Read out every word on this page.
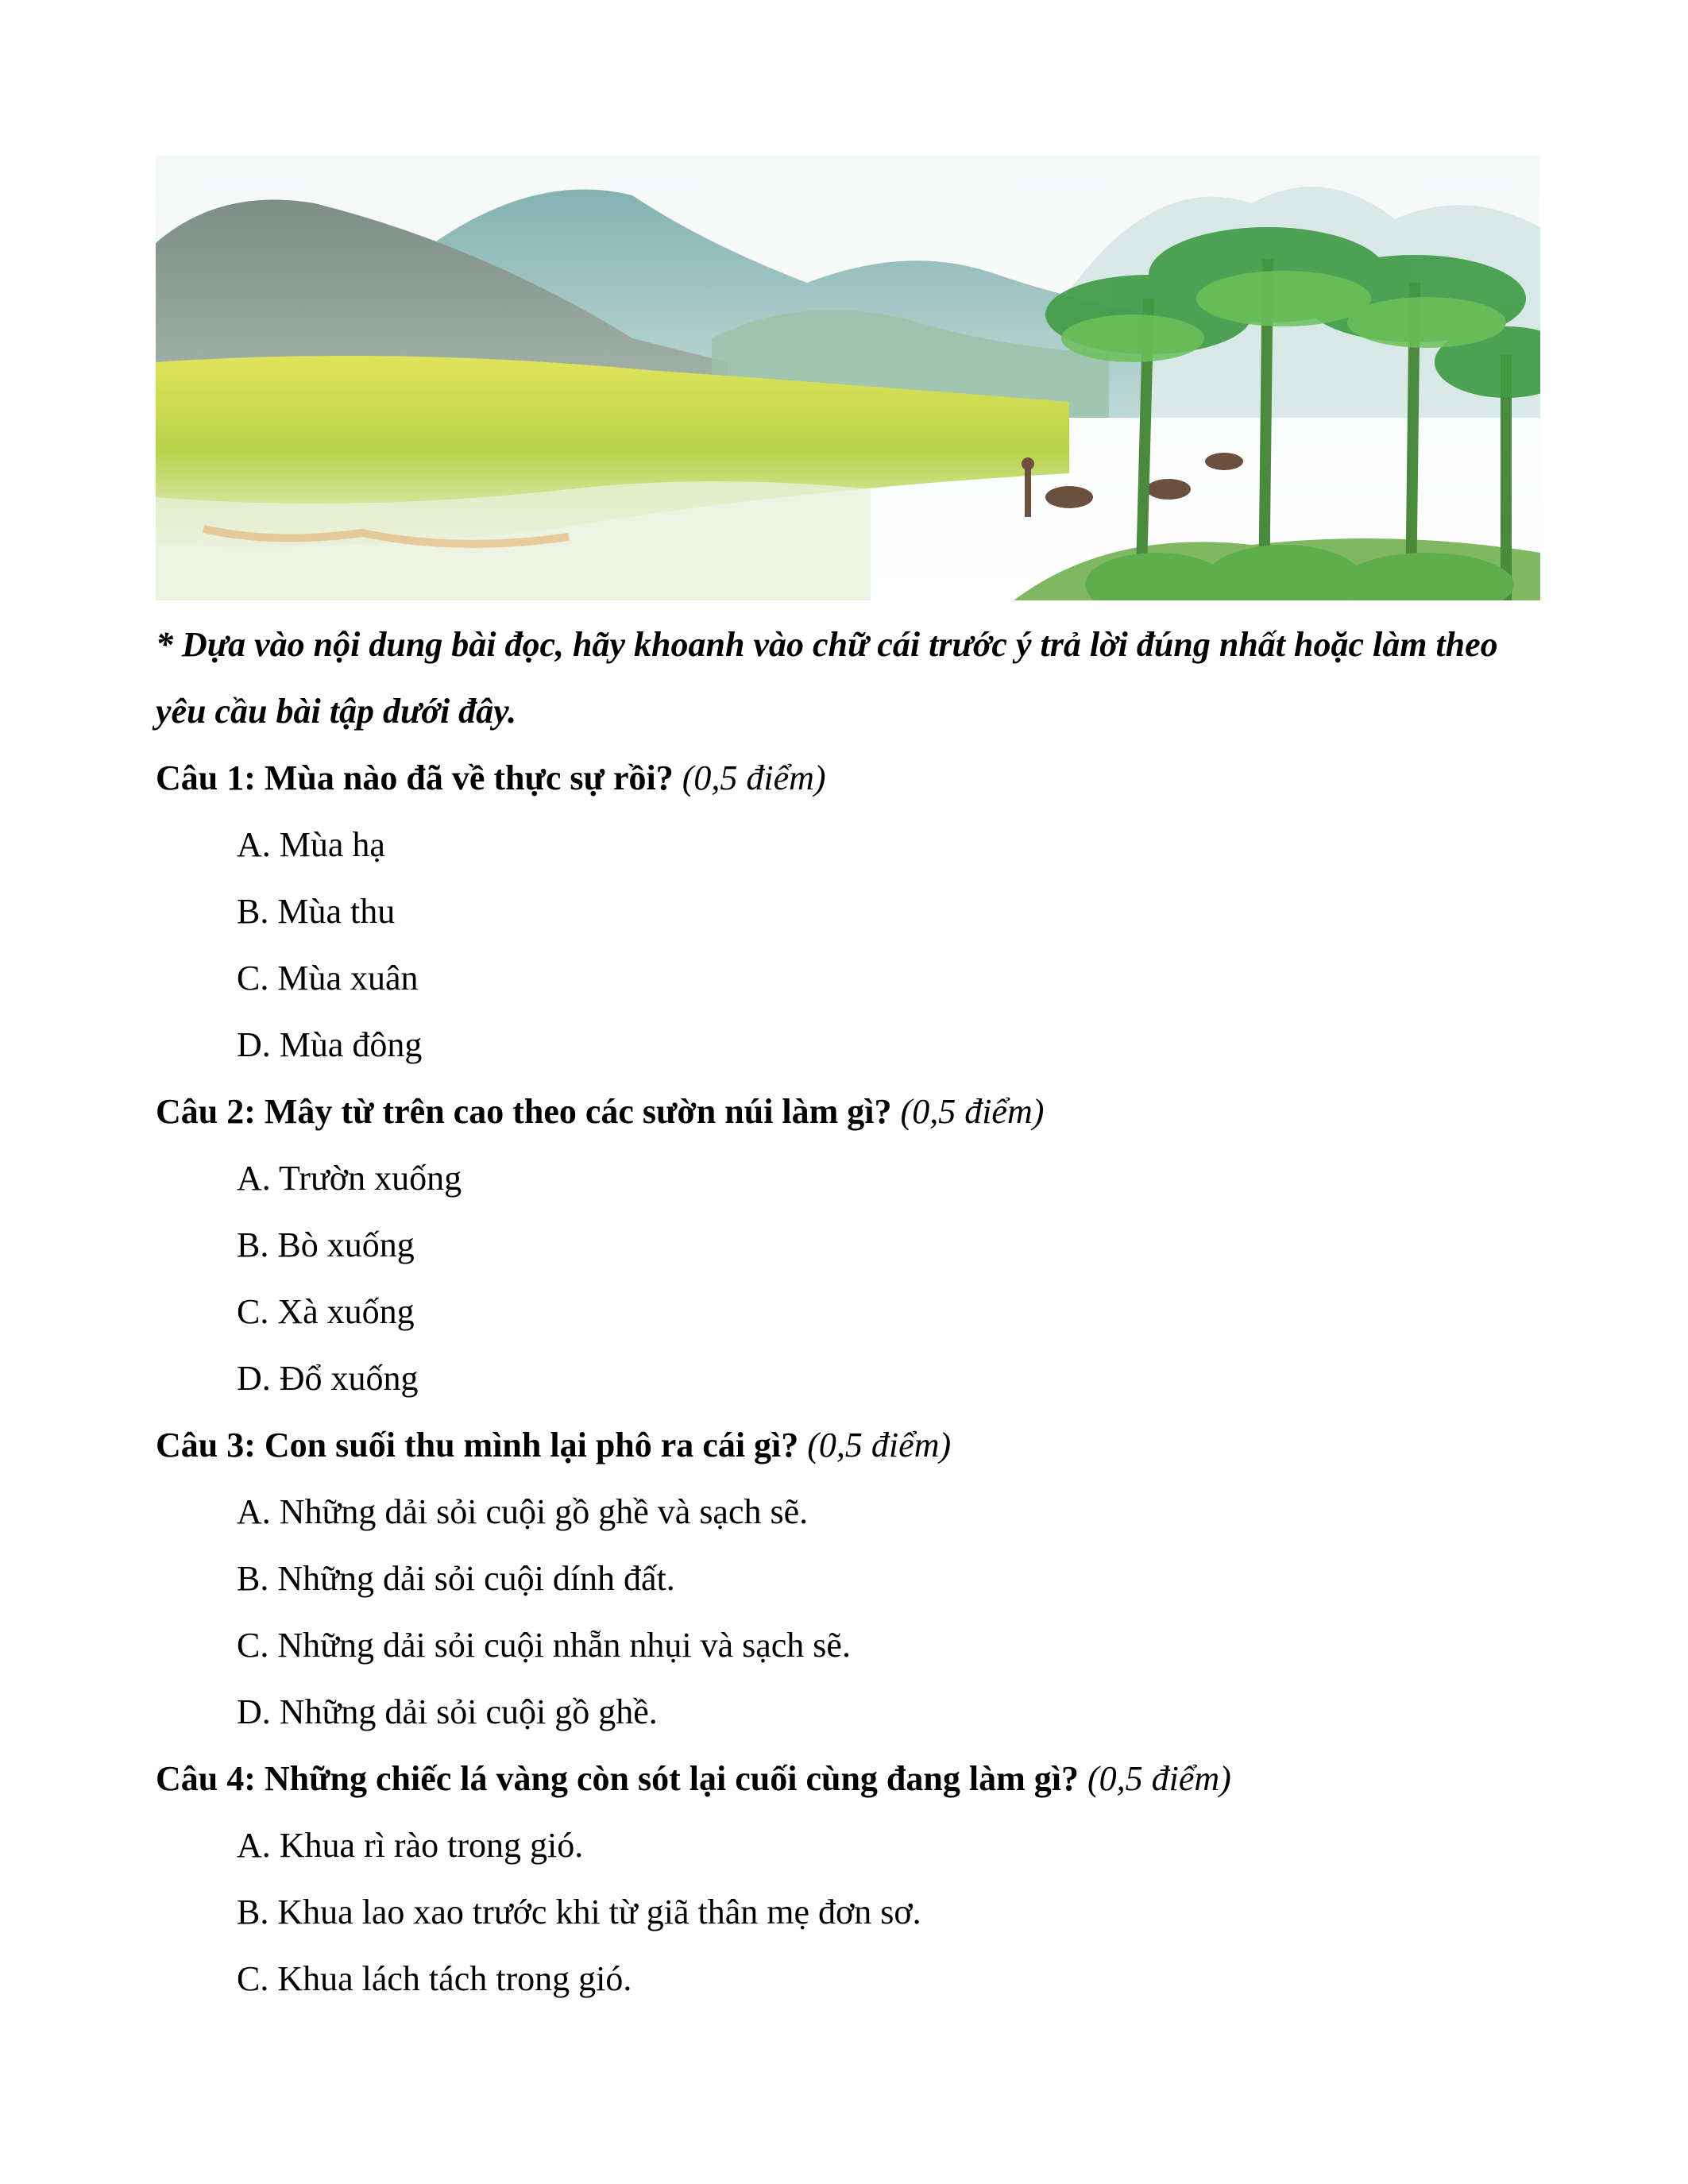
* Dựa vào nội dung bài đọc, hãy khoanh vào chữ cái trước ý trả lời đúng nhất hoặc làm theo yêu cầu bài tập dưới đây.

Câu 1: Mùa nào đã về thực sự rồi? (0,5 điểm)

A. Mùa hạ

B. Mùa thu

C. Mùa xuân

D. Mùa đông

Câu 2: Mây từ trên cao theo các sườn núi làm gì? (0,5 điểm)

A. Trườn xuống

B. Bò xuống

C. Xà xuống

D. Đổ xuống

Câu 3: Con suối thu mình lại phô ra cái gì? (0,5 điểm)

A. Những dải sỏi cuội gồ ghề và sạch sẽ.

B. Những dải sỏi cuội dính đất.

C. Những dải sỏi cuội nhẵn nhụi và sạch sẽ.

D. Những dải sỏi cuội gồ ghề.

Câu 4: Những chiếc lá vàng còn sót lại cuối cùng đang làm gì? (0,5 điểm)

A. Khua rì rào trong gió.

B. Khua lao xao trước khi từ giã thân mẹ đơn sơ.

C. Khua lách tách trong gió.
